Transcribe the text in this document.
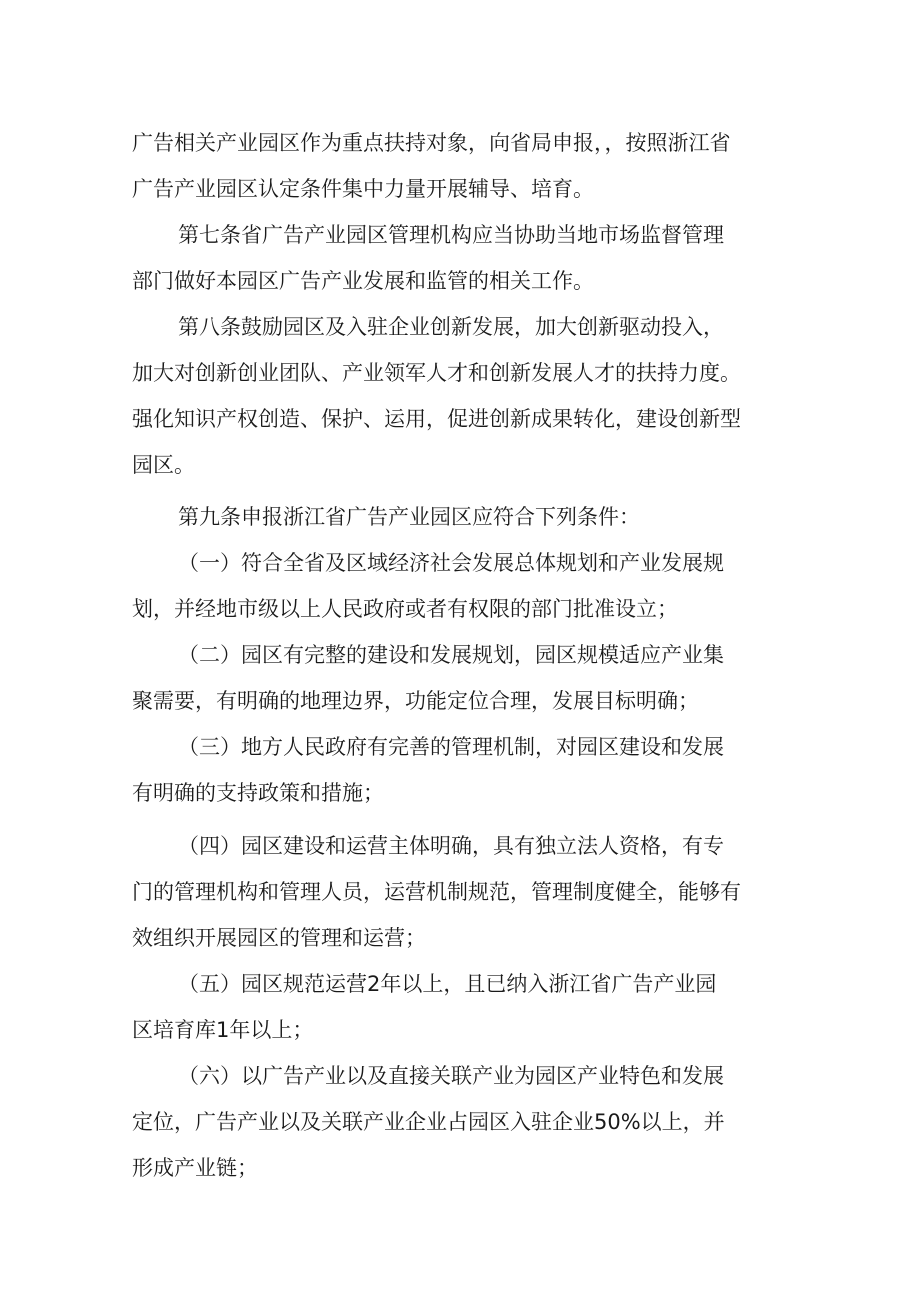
广告相关产业园区作为重点扶持对象，向省局申报，，按照浙江省
广告产业园区认定条件集中力量开展辅导、培育。
第七条省广告产业园区管理机构应当协助当地市场监督管理
部门做好本园区广告产业发展和监管的相关工作。
第八条鼓励园区及入驻企业创新发展，加大创新驱动投入，
加大对创新创业团队、产业领军人才和创新发展人才的扶持力度。
强化知识产权创造、保护、运用，促进创新成果转化，建设创新型
园区。
第九条申报浙江省广告产业园区应符合下列条件：
（一）符合全省及区域经济社会发展总体规划和产业发展规
划，并经地市级以上人民政府或者有权限的部门批准设立；
（二）园区有完整的建设和发展规划，园区规模适应产业集
聚需要，有明确的地理边界，功能定位合理，发展目标明确；
（三）地方人民政府有完善的管理机制，对园区建设和发展
有明确的支持政策和措施；
（四）园区建设和运营主体明确，具有独立法人资格，有专
门的管理机构和管理人员，运营机制规范，管理制度健全，能够有
效组织开展园区的管理和运营；
（五）园区规范运营2年以上，且已纳入浙江省广告产业园
区培育库1年以上；
（六）以广告产业以及直接关联产业为园区产业特色和发展
定位，广告产业以及关联产业企业占园区入驻企业50%以上，并
形成产业链；
